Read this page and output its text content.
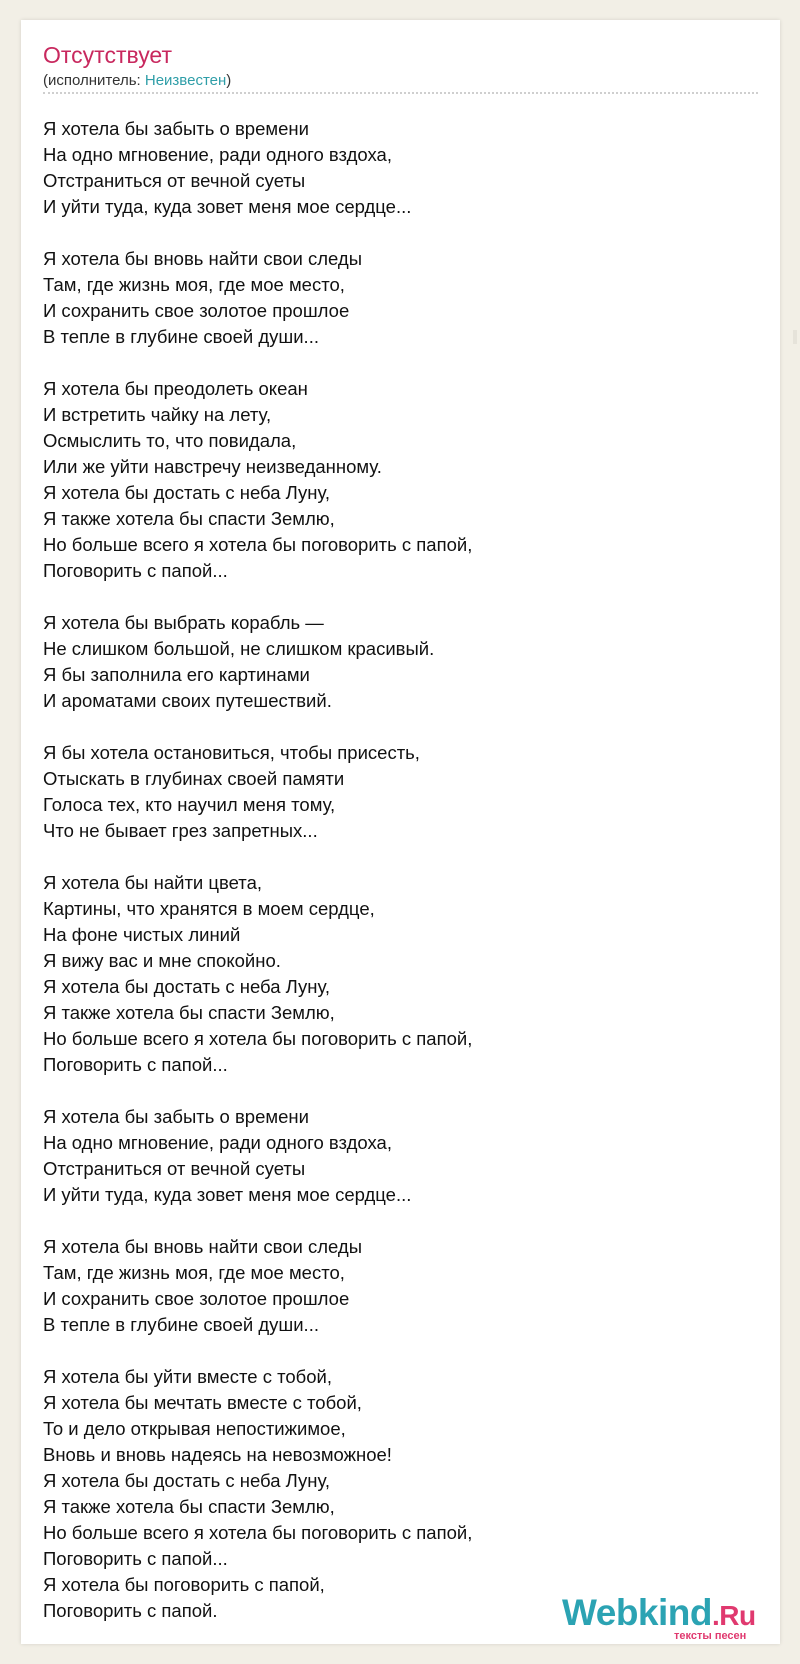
Отсутствует
(исполнитель: Неизвестен)
Я хотела бы забыть о времени
На одно мгновение, ради одного вздоха,
Отстраниться от вечной суеты
И уйти туда, куда зовет меня мое сердце...
Я хотела бы вновь найти свои следы
Там, где жизнь моя, где мое место,
И сохранить свое золотое прошлое
В тепле в глубине своей души...
Я хотела бы преодолеть океан
И встретить чайку на лету,
Осмыслить то, что повидала,
Или же уйти навстречу неизведанному.
Я хотела бы достать с неба Луну,
Я также хотела бы спасти Землю,
Но больше всего я хотела бы поговорить с папой,
Поговорить с папой...
Я хотела бы выбрать корабль —
Не слишком большой, не слишком красивый.
Я бы заполнила его картинами
И ароматами своих путешествий.
Я бы хотела остановиться, чтобы присесть,
Отыскать в глубинах своей памяти
Голоса тех, кто научил меня тому,
Что не бывает грез запретных...
Я хотела бы найти цвета,
Картины, что хранятся в моем сердце,
На фоне чистых линий
Я вижу вас и мне спокойно.
Я хотела бы достать с неба Луну,
Я также хотела бы спасти Землю,
Но больше всего я хотела бы поговорить с папой,
Поговорить с папой...
Я хотела бы забыть о времени
На одно мгновение, ради одного вздоха,
Отстраниться от вечной суеты
И уйти туда, куда зовет меня мое сердце...
Я хотела бы вновь найти свои следы
Там, где жизнь моя, где мое место,
И сохранить свое золотое прошлое
В тепле в глубине своей души...
Я хотела бы уйти вместе с тобой,
Я хотела бы мечтать вместе с тобой,
То и дело открывая непостижимое,
Вновь и вновь надеясь на невозможное!
Я хотела бы достать с неба Луну,
Я также хотела бы спасти Землю,
Но больше всего я хотела бы поговорить с папой,
Поговорить с папой...
Я хотела бы поговорить с папой,
Поговорить с папой.	Webkind.Ru
тексты песен
